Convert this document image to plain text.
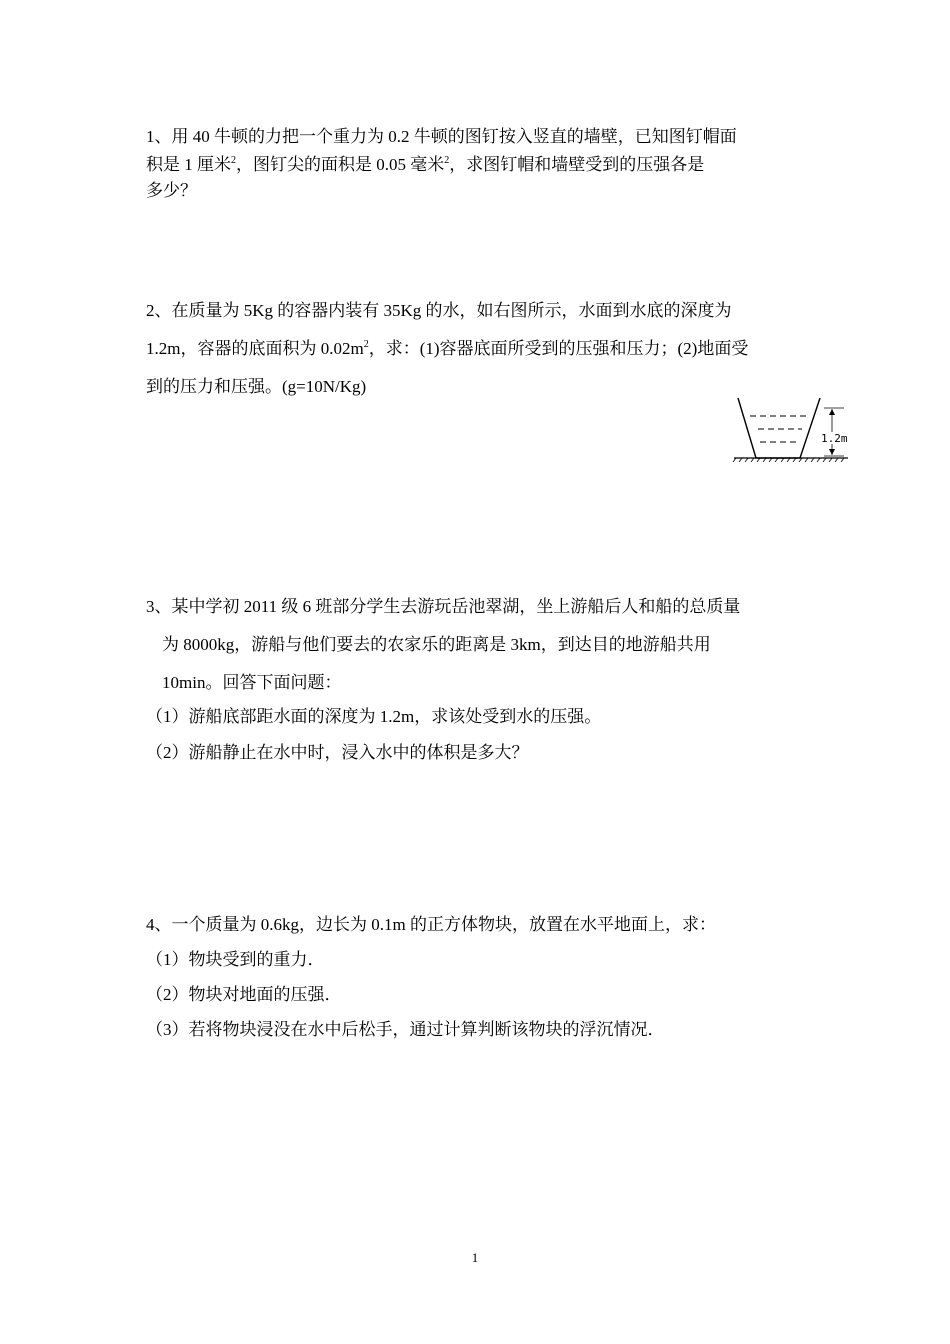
1、用 40 牛顿的力把一个重力为 0.2 牛顿的图钉按入竖直的墙壁，已知图钉帽面
积是 1 厘米$^2$，图钉尖的面积是 0.05 毫米$^2$，求图钉帽和墙壁受到的压强各是
多少？
2、在质量为 5Kg 的容器内装有 35Kg 的水，如右图所示，水面到水底的深度为
1.2m，容器的底面积为 $0.02m^2$，求：(1)容器底面所受到的压强和压力；(2)地面受
到的压力和压强。(g=10N/Kg)
1.2m
3、某中学初 2011 级 6 班部分学生去游玩岳池翠湖，坐上游船后人和船的总质量
为 8000kg，游船与他们要去的农家乐的距离是 3km，到达目的地游船共用
10min。回答下面问题：
（1）游船底部距水面的深度为 1.2m，求该处受到水的压强。
（2）游船静止在水中时，浸入水中的体积是多大？
4、一个质量为 0.6kg，边长为 0.1m 的正方体物块，放置在水平地面上，求：
（1）物块受到的重力．
（2）物块对地面的压强．
（3）若将物块浸没在水中后松手，通过计算判断该物块的浮沉情况．
1
